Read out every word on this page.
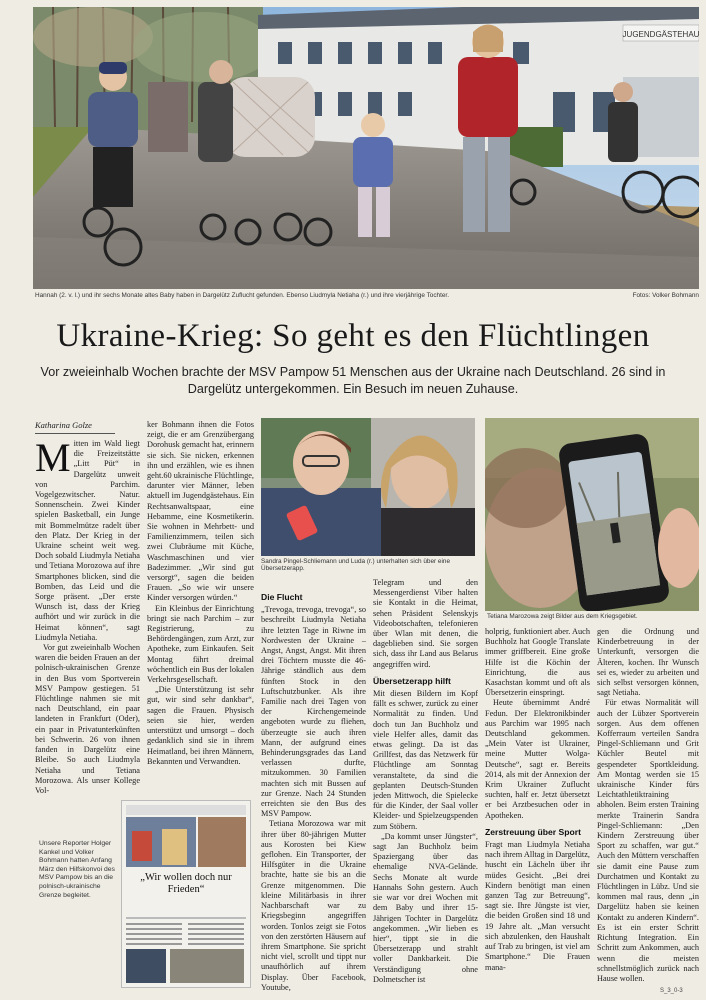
JUGENDGÄSTEHAU
Hannah (2. v. l.) und ihr sechs Monate altes Baby haben in Dargelütz Zuflucht gefunden. Ebenso Liudmyla Netiaha (r.) und ihre vierjährige Tochter.	Fotos: Volker Bohmann
Ukraine-Krieg: So geht es den Flüchtlingen
Vor zweieinhalb Wochen brachte der MSV Pampow 51 Menschen aus der Ukraine nach Deutschland. 26 sind in Dargelütz untergekommen. Ein Besuch im neuen Zuhause.
Katharina Golze
M itten im Wald liegt die Freizeitstätte „Litt Püt“ in Dargelütz unweit von Parchim. Vogelgezwitscher. Natur. Sonnenschein. Zwei Kinder spielen Basketball, ein Junge mit Bommelmütze radelt über den Platz. Der Krieg in der Ukraine scheint weit weg. Doch sobald Liudmyla Netiaha und Tetiana Morozowa auf ihre Smartphones blicken, sind die Bomben, das Leid und die Sorge präsent. „Der erste Wunsch ist, dass der Krieg aufhört und wir zurück in die Heimat können“, sagt Liudmyla Netiaha.

Vor gut zweieinhalb Wochen waren die beiden Frauen an der polnisch-ukrainischen Grenze in den Bus vom Sportverein MSV Pampow gestiegen. 51 Flüchtlinge nahmen sie mit nach Deutschland, ein paar landeten in Frankfurt (Oder), ein paar in Privatunterkünften bei Schwerin. 26 von ihnen fanden in Dargelütz eine Bleibe. So auch Liudmyla Netiaha und Tetiana Morozowa. Als unser Kollege Vol-

ker Bohmann ihnen die Fotos zeigt, die er am Grenzübergang Dorohusk gemacht hat, erinnern sie sich. Sie nicken, erkennen ihn und erzählen, wie es ihnen geht.60 ukrainische Flüchtlinge, darunter vier Männer, leben aktuell im Jugendgästehaus. Ein Rechtsanwaltspaar, eine Hebamme, eine Kosmetikerin. Sie wohnen in Mehrbett- und Familienzimmern, teilen sich zwei Clubräume mit Küche, Waschmaschinen und vier Badezimmer. „Wir sind gut versorgt“, sagen die beiden Frauen. „So wie wir unsere Kinder versorgen würden.“

Ein Kleinbus der Einrichtung bringt sie nach Parchim – zur Registrierung, zu Behördengängen, zum Arzt, zur Apotheke, zum Einkaufen. Seit Montag fährt dreimal wöchentlich ein Bus der lokalen Verkehrsgesellschaft.

„Die Unterstützung ist sehr gut, wir sind sehr dankbar“, sagen die Frauen. Physisch seien sie hier, werden unterstützt und umsorgt – doch gedanklich sind sie in ihrem Heimatland, bei ihren Männern, Bekannten und Verwandten.

Sandra Pingel-Schliemann und Luda (r.) unterhalten sich über eine Übersetzerapp.
Tetiana Marozowa zeigt Bilder aus dem Kriegsgebiet.
Die Flucht

„Trevoga, trevoga, trevoga“, so beschreibt Liudmyla Netiaha ihre letzten Tage in Riwne im Nordwesten der Ukraine – Angst, Angst, Angst. Mit ihren drei Töchtern musste die 46-Jährige ständlich aus dem fünften Stock in den Luftschutzbunker. Als ihre Familie nach drei Tagen von der Kirchengemeinde angeboten wurde zu fliehen, überzeugte sie auch ihren Mann, der aufgrund eines Behinderungsgrades das Land verlassen durfte, mitzukommen. 30 Familien machten sich mit Bussen auf zur Grenze. Nach 24 Stunden erreichten sie den Bus des MSV Pampow.

Tetiana Morozowa war mit ihrer über 80-jährigen Mutter aus Korosten bei Kiew geflohen. Ein Transporter, der Hilfsgüter in die Ukraine brachte, hatte sie bis an die Grenze mitgenommen. Die kleine Militärbasis in ihrer Nachbarschaft war zu Kriegsbeginn angegriffen worden. Tonlos zeigt sie Fotos von den zerstörten Häusern auf ihrem Smartphone. Sie spricht nicht viel, scrollt und tippt nur unaufhörlich auf ihrem Display. Über Facebook, Youtube,

Telegram und den Messengerdienst Viber halten sie Kontakt in die Heimat, sehen Präsident Selenskyjs Videobotschaften, telefonieren über Wlan mit denen, die dageblieben sind. Sie sorgen sich, dass ihr Land aus Belarus angegriffen wird.

Übersetzerapp hilft

Mit diesen Bildern im Kopf fällt es schwer, zurück zu einer Normalität zu finden. Und doch tun Jan Buchholz und viele Helfer alles, damit das etwas gelingt. Da ist das Grillfest, das das Netzwerk für Flüchtlinge am Sonntag veranstaltete, da sind die geplanten Deutsch-Stunden jeden Mittwoch, die Spielecke für die Kinder, der Saal voller Kleider- und Spielzeugspenden zum Stöbern.

„Da kommt unser Jüngster“, sagt Jan Buchholz beim Spaziergang über das ehemalige NVA-Gelände. Sechs Monate alt wurde Hannahs Sohn gestern. Auch sie war vor drei Wochen mit dem Baby und ihrer 15-Jährigen Tochter in Dargelütz angekommen. „Wir lieben es hier“, tippt sie in die Übersetzerapp und strahlt voller Dankbarkeit. Die Verständigung ohne Dolmetscher ist

holprig, funktioniert aber. Auch Buchholz hat Google Translate immer griffbereit. Eine große Hilfe ist die Köchin der Einrichtung, die aus Kasachstan kommt und oft als Übersetzerin einspringt.

Heute übernimmt André Fedun. Der Elektronikbinder aus Parchim war 1995 nach Deutschland gekommen. „Mein Vater ist Ukrainer, meine Mutter Wolga-Deutsche“, sagt er. Bereits 2014, als mit der Annexion der Krim Ukrainer Zuflucht suchten, half er. Jetzt übersetzt er bei Arztbesuchen oder in Apotheken.

Zerstreuung über Sport

Fragt man Liudmyla Netiaha nach ihrem Alltag in Dargelütz, huscht ein Lächeln über ihr müdes Gesicht. „Bei drei Kindern benötigt man einen ganzen Tag zur Betreuung“, sagt sie. Ihre Jüngste ist vier, die beiden Großen sind 18 und 19 Jahre alt. „Man versucht sich abzulenken, den Haushalt auf Trab zu bringen, ist viel am Smartphone.“ Die Frauen mana-

gen die Ordnung und Kinderbetreuung in der Unterkunft, versorgen die Älteren, kochen. Ihr Wunsch sei es, wieder zu arbeiten und sich selbst versorgen können, sagt Netiaha.

Für etwas Normalität will auch der Lübzer Sportverein sorgen. Aus dem offenen Kofferraum verteilen Sandra Pingel-Schliemann und Grit Küchler Beutel mit gespendeter Sportkleidung. Am Montag werden sie 15 ukrainische Kinder fürs Leichtathletiktraining abholen. Beim ersten Training merkte Trainerin Sandra Pingel-Schliemann: „Den Kindern Zerstreuung über Sport zu schaffen, war gut.“ Auch den Müttern verschaffen sie damit eine Pause zum Durchatmen und Kontakt zu Flüchtlingen in Lübz. Und sie kommen mal raus, denn „in Dargelütz haben sie keinen Kontakt zu anderen Kindern“. Es ist ein erster Schritt Richtung Integration. Ein Schritt zum Ankommen, auch wenn die meisten schnellstmöglich zurück nach Hause wollen.

Unsere Reporter Holger Kankel und Volker Bohmann hatten Anfang März den Hilfskonvoi des MSV Pampow bis an die polnisch-ukrainische Grenze begleitet.
„Wir wollen doch nur Frieden“
S_3_0-3
